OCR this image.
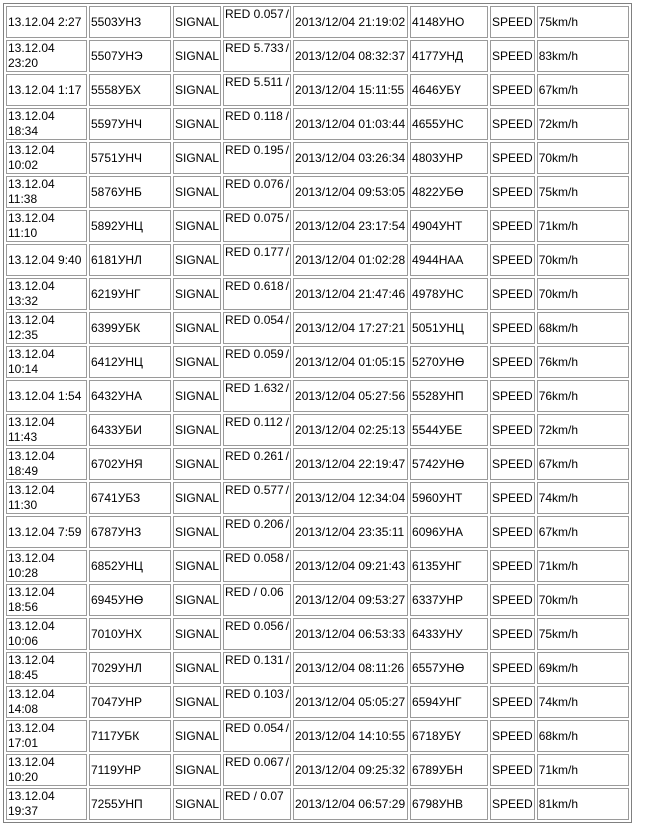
13.12.04 2:27	5503УНЗ	SIGNAL	RED 0.057 /	2013/12/04 21:19:02	4148УНО	SPEED	75km/h
13.12.04 23:20	5507УНЭ	SIGNAL	RED 5.733 /	2013/12/04 08:32:37	4177УНД	SPEED	83km/h
13.12.04 1:17	5558УБХ	SIGNAL	RED 5.511 /	2013/12/04 15:11:55	4646УБҮ	SPEED	67km/h
13.12.04 18:34	5597УНЧ	SIGNAL	RED 0.118 /	2013/12/04 01:03:44	4655УНС	SPEED	72km/h
13.12.04 10:02	5751УНЧ	SIGNAL	RED 0.195 /	2013/12/04 03:26:34	4803УНР	SPEED	70km/h
13.12.04 11:38	5876УНБ	SIGNAL	RED 0.076 /	2013/12/04 09:53:05	4822УБӨ	SPEED	75km/h
13.12.04 11:10	5892УНЦ	SIGNAL	RED 0.075 /	2013/12/04 23:17:54	4904УНТ	SPEED	71km/h
13.12.04 9:40	6181УНЛ	SIGNAL	RED 0.177 /	2013/12/04 01:02:28	4944НАА	SPEED	70km/h
13.12.04 13:32	6219УНГ	SIGNAL	RED 0.618 /	2013/12/04 21:47:46	4978УНС	SPEED	70km/h
13.12.04 12:35	6399УБК	SIGNAL	RED 0.054 /	2013/12/04 17:27:21	5051УНЦ	SPEED	68km/h
13.12.04 10:14	6412УНЦ	SIGNAL	RED 0.059 /	2013/12/04 01:05:15	5270УНӨ	SPEED	76km/h
13.12.04 1:54	6432УНА	SIGNAL	RED 1.632 /	2013/12/04 05:27:56	5528УНП	SPEED	76km/h
13.12.04 11:43	6433УБИ	SIGNAL	RED 0.112 /	2013/12/04 02:25:13	5544УБЕ	SPEED	72km/h
13.12.04 18:49	6702УНЯ	SIGNAL	RED 0.261 /	2013/12/04 22:19:47	5742УНӨ	SPEED	67km/h
13.12.04 11:30	6741УБЗ	SIGNAL	RED 0.577 /	2013/12/04 12:34:04	5960УНТ	SPEED	74km/h
13.12.04 7:59	6787УНЗ	SIGNAL	RED 0.206 /	2013/12/04 23:35:11	6096УНА	SPEED	67km/h
13.12.04 10:28	6852УНЦ	SIGNAL	RED 0.058 /	2013/12/04 09:21:43	6135УНГ	SPEED	71km/h
13.12.04 18:56	6945УНӨ	SIGNAL	RED / 0.06	2013/12/04 09:53:27	6337УНР	SPEED	70km/h
13.12.04 10:06	7010УНХ	SIGNAL	RED 0.056 /	2013/12/04 06:53:33	6433УНУ	SPEED	75km/h
13.12.04 18:45	7029УНЛ	SIGNAL	RED 0.131 /	2013/12/04 08:11:26	6557УНӨ	SPEED	69km/h
13.12.04 14:08	7047УНР	SIGNAL	RED 0.103 /	2013/12/04 05:05:27	6594УНГ	SPEED	74km/h
13.12.04 17:01	7117УБК	SIGNAL	RED 0.054 /	2013/12/04 14:10:55	6718УБҮ	SPEED	68km/h
13.12.04 10:20	7119УНР	SIGNAL	RED 0.067 /	2013/12/04 09:25:32	6789УБН	SPEED	71km/h
13.12.04 19:37	7255УНП	SIGNAL	RED / 0.07	2013/12/04 06:57:29	6798УНВ	SPEED	81km/h
